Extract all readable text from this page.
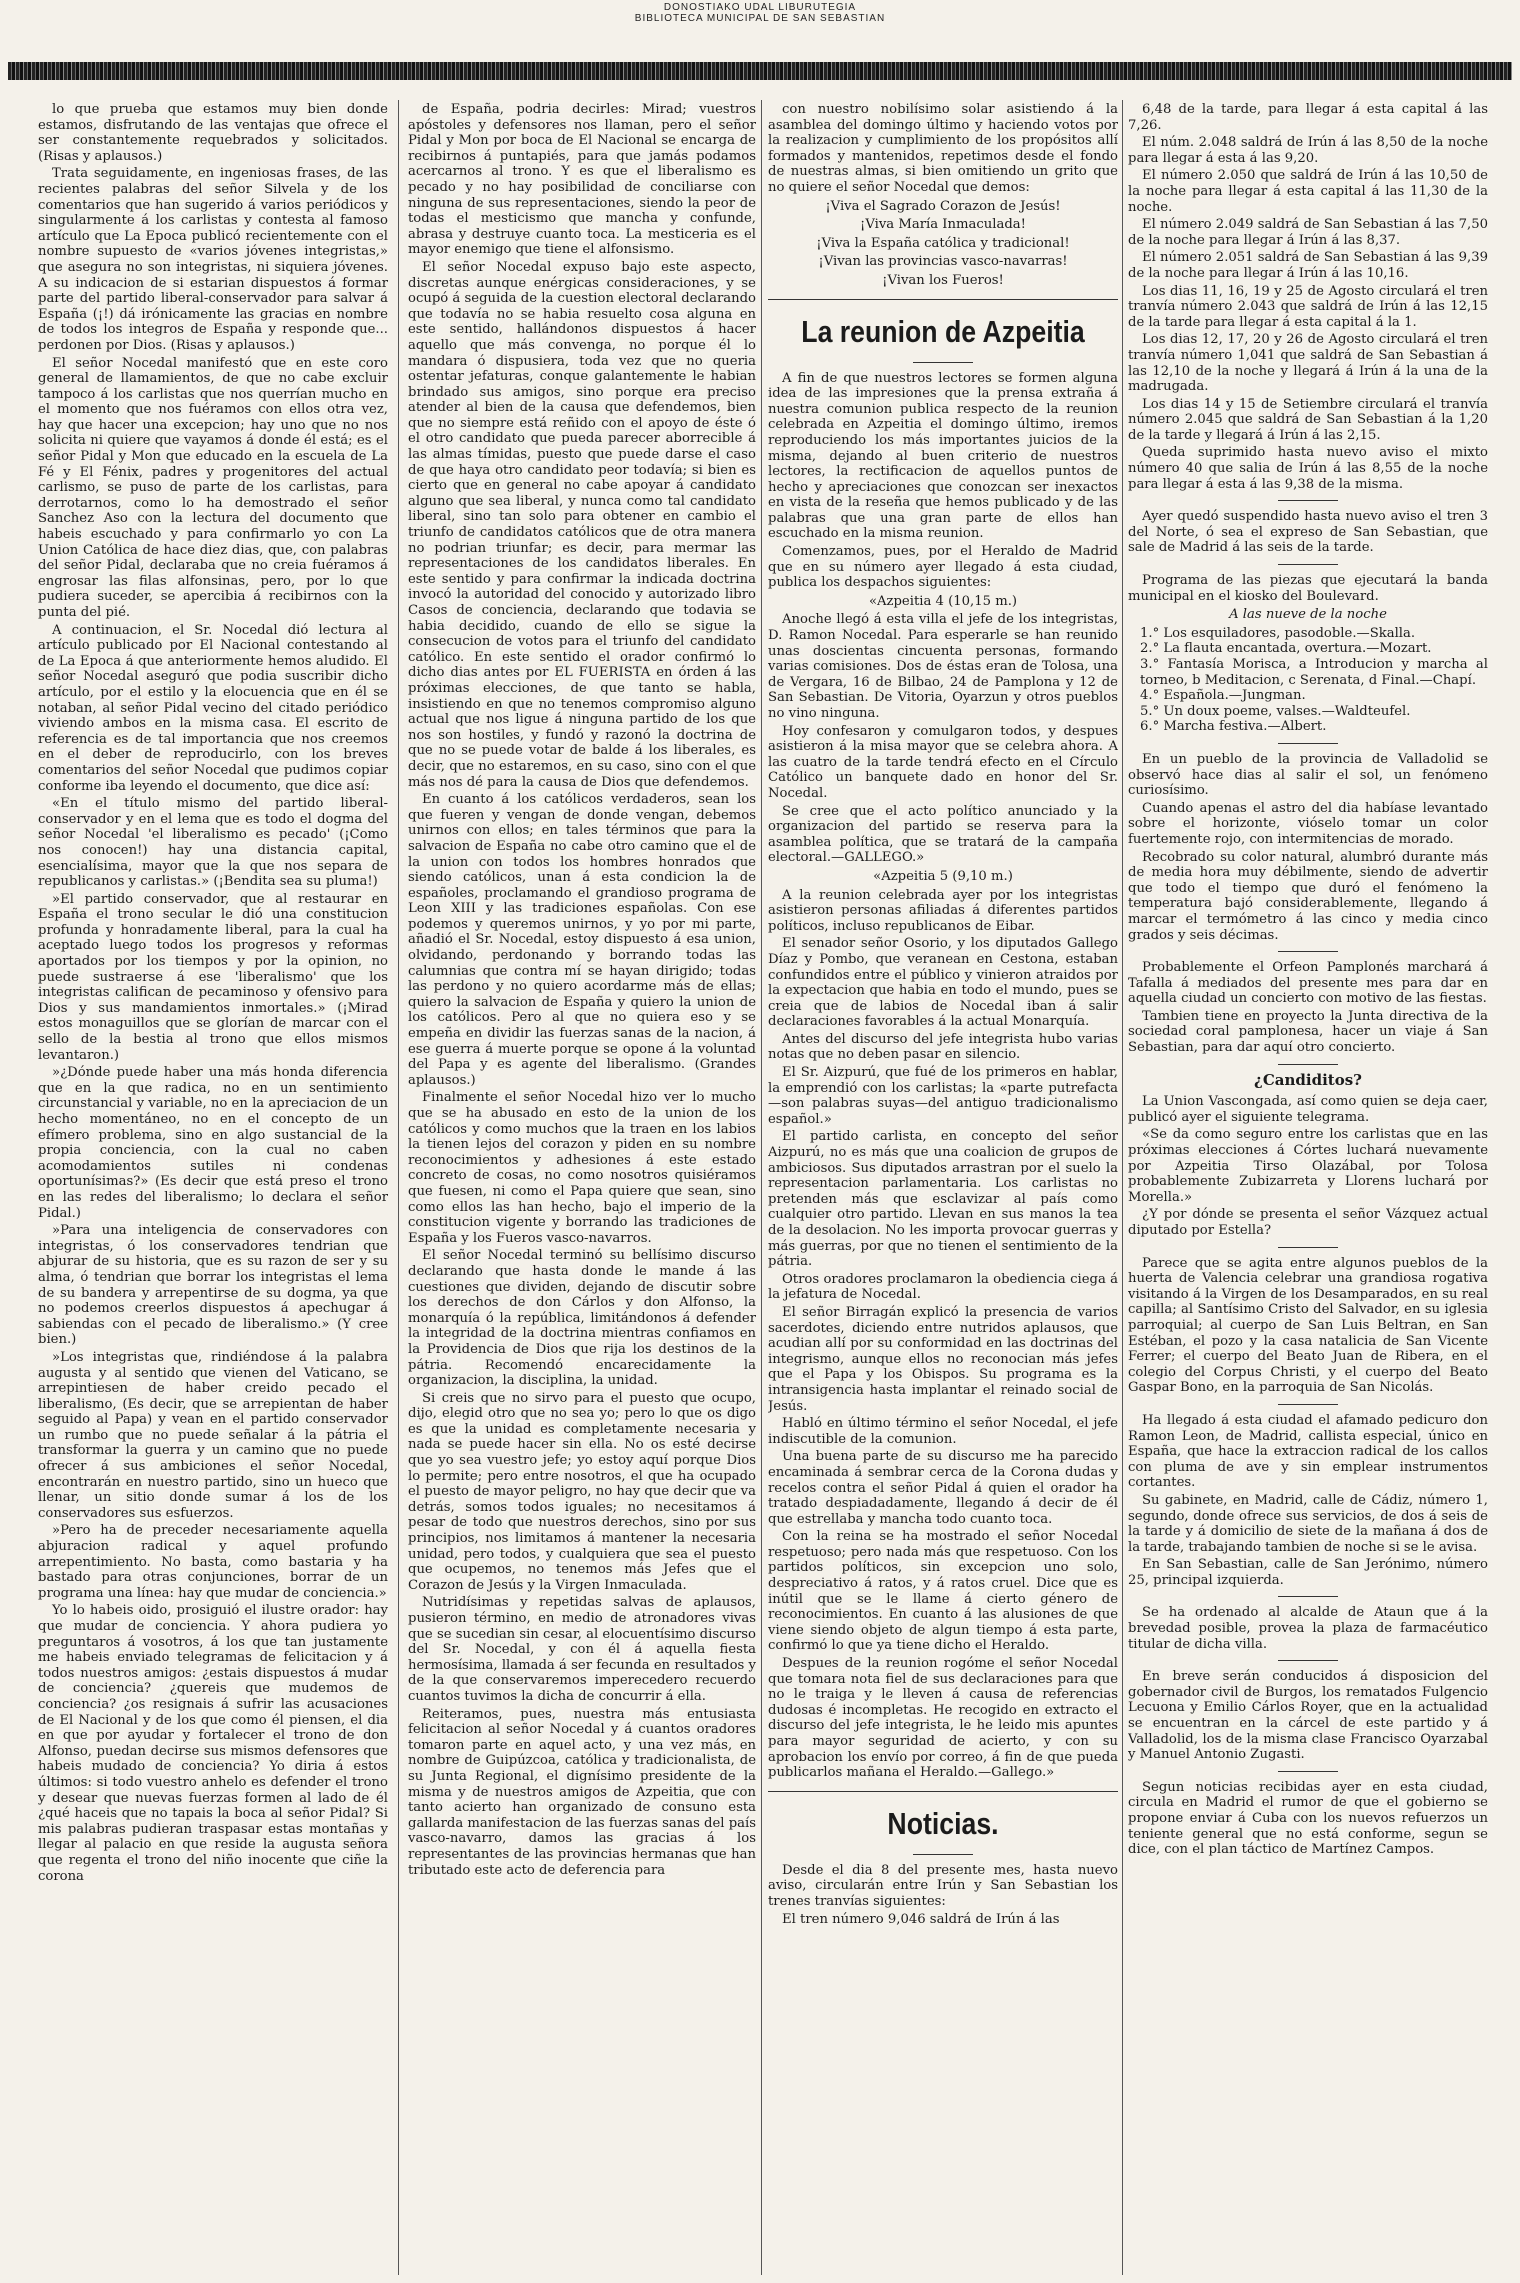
DONOSTIAKO UDAL LIBURUTEGIA
BIBLIOTECA MUNICIPAL DE SAN SEBASTIAN

lo que prueba que estamos muy bien donde estamos, disfrutando de las ventajas que ofrece el ser constantemente requebrados y solicitados. (Risas y aplausos.)

Trata seguidamente, en ingeniosas frases, de las recientes palabras del señor Silvela y de los comentarios que han sugerido á varios periódicos y singularmente á los carlistas y contesta al famoso artículo que La Epoca publicó recientemente con el nombre supuesto de «varios jóvenes integristas,» que asegura no son integristas, ni siquiera jóvenes. A su indicacion de si estarian dispuestos á formar parte del partido liberal-conservador para salvar á España (¡!) dá irónicamente las gracias en nombre de todos los integros de España y responde que... perdonen por Dios. (Risas y aplausos.)

El señor Nocedal manifestó que en este coro general de llamamientos, de que no cabe excluir tampoco á los carlistas que nos querrían mucho en el momento que nos fuéramos con ellos otra vez, hay que hacer una excepcion; hay uno que no nos solicita ni quiere que vayamos á donde él está; es el señor Pidal y Mon que educado en la escuela de La Fé y El Fénix, padres y progenitores del actual carlismo, se puso de parte de los carlistas, para derrotarnos, como lo ha demostrado el señor Sanchez Aso con la lectura del documento que habeis escuchado y para confirmarlo yo con La Union Católica de hace diez dias, que, con palabras del señor Pidal, declaraba que no creia fuéramos á engrosar las filas alfonsinas, pero, por lo que pudiera suceder, se apercibia á recibirnos con la punta del pié.

A continuacion, el Sr. Nocedal dió lectura al artículo publicado por El Nacional contestando al de La Epoca á que anteriormente hemos aludido. El señor Nocedal aseguró que podia suscribir dicho artículo, por el estilo y la elocuencia que en él se notaban, al señor Pidal vecino del citado periódico viviendo ambos en la misma casa. El escrito de referencia es de tal importancia que nos creemos en el deber de reproducirlo, con los breves comentarios del señor Nocedal que pudimos copiar conforme iba leyendo el documento, que dice así:

«En el título mismo del partido liberal-conservador y en el lema que es todo el dogma del señor Nocedal 'el liberalismo es pecado' (¡Como nos conocen!) hay una distancia capital, esencialísima, mayor que la que nos separa de republicanos y carlistas.» (¡Bendita sea su pluma!)

»El partido conservador, que al restaurar en España el trono secular le dió una constitucion profunda y honradamente liberal, para la cual ha aceptado luego todos los progresos y reformas aportados por los tiempos y por la opinion, no puede sustraerse á ese 'liberalismo' que los integristas califican de pecaminoso y ofensivo para Dios y sus mandamientos inmortales.» (¡Mirad estos monaguillos que se glorían de marcar con el sello de la bestia al trono que ellos mismos levantaron.)

»¿Dónde puede haber una más honda diferencia que en la que radica, no en un sentimiento circunstancial y variable, no en la apreciacion de un hecho momentáneo, no en el concepto de un efímero problema, sino en algo sustancial de la propia conciencia, con la cual no caben acomodamientos sutiles ni condenas oportunísimas?» (Es decir que está preso el trono en las redes del liberalismo; lo declara el señor Pidal.)

»Para una inteligencia de conservadores con integristas, ó los conservadores tendrian que abjurar de su historia, que es su razon de ser y su alma, ó tendrian que borrar los integristas el lema de su bandera y arrepentirse de su dogma, ya que no podemos creerlos dispuestos á apechugar á sabiendas con el pecado de liberalismo.» (Y cree bien.)

»Los integristas que, rindiéndose á la palabra augusta y al sentido que vienen del Vaticano, se arrepintiesen de haber creido pecado el liberalismo, (Es decir, que se arrepientan de haber seguido al Papa) y vean en el partido conservador un rumbo que no puede señalar á la pátria el transformar la guerra y un camino que no puede ofrecer á sus ambiciones el señor Nocedal, encontrarán en nuestro partido, sino un hueco que llenar, un sitio donde sumar á los de los conservadores sus esfuerzos.

»Pero ha de preceder necesariamente aquella abjuracion radical y aquel profundo arrepentimiento. No basta, como bastaria y ha bastado para otras conjunciones, borrar de un programa una línea: hay que mudar de conciencia.»

Yo lo habeis oido, prosiguió el ilustre orador: hay que mudar de conciencia. Y ahora pudiera yo preguntaros á vosotros, á los que tan justamente me habeis enviado telegramas de felicitacion y á todos nuestros amigos: ¿estais dispuestos á mudar de conciencia? ¿quereis que mudemos de conciencia? ¿os resignais á sufrir las acusaciones de El Nacional y de los que como él piensen, el dia en que por ayudar y fortalecer el trono de don Alfonso, puedan decirse sus mismos defensores que habeis mudado de conciencia? Yo diria á estos últimos: si todo vuestro anhelo es defender el trono y desear que nuevas fuerzas formen al lado de él ¿qué haceis que no tapais la boca al señor Pidal? Si mis palabras pudieran traspasar estas montañas y llegar al palacio en que reside la augusta señora que regenta el trono del niño inocente que ciñe la corona

de España, podria decirles: Mirad; vuestros apóstoles y defensores nos llaman, pero el señor Pidal y Mon por boca de El Nacional se encarga de recibirnos á puntapiés, para que jamás podamos acercarnos al trono. Y es que el liberalismo es pecado y no hay posibilidad de conciliarse con ninguna de sus representaciones, siendo la peor de todas el mesticismo que mancha y confunde, abrasa y destruye cuanto toca. La mesticeria es el mayor enemigo que tiene el alfonsismo.

El señor Nocedal expuso bajo este aspecto, discretas aunque enérgicas consideraciones, y se ocupó á seguida de la cuestion electoral declarando que todavía no se habia resuelto cosa alguna en este sentido, hallándonos dispuestos á hacer aquello que más convenga, no porque él lo mandara ó dispusiera, toda vez que no queria ostentar jefaturas, conque galantemente le habian brindado sus amigos, sino porque era preciso atender al bien de la causa que defendemos, bien que no siempre está reñido con el apoyo de éste ó el otro candidato que pueda parecer aborrecible á las almas tímidas, puesto que puede darse el caso de que haya otro candidato peor todavía; si bien es cierto que en general no cabe apoyar á candidato alguno que sea liberal, y nunca como tal candidato liberal, sino tan solo para obtener en cambio el triunfo de candidatos católicos que de otra manera no podrian triunfar; es decir, para mermar las representaciones de los candidatos liberales. En este sentido y para confirmar la indicada doctrina invocó la autoridad del conocido y autorizado libro Casos de conciencia, declarando que todavia se habia decidido, cuando de ello se sigue la consecucion de votos para el triunfo del candidato católico. En este sentido el orador confirmó lo dicho dias antes por EL FUERISTA en órden á las próximas elecciones, de que tanto se habla, insistiendo en que no tenemos compromiso alguno actual que nos ligue á ninguna partido de los que nos son hostiles, y fundó y razonó la doctrina de que no se puede votar de balde á los liberales, es decir, que no estaremos, en su caso, sino con el que más nos dé para la causa de Dios que defendemos.

En cuanto á los católicos verdaderos, sean los que fueren y vengan de donde vengan, debemos unirnos con ellos; en tales términos que para la salvacion de España no cabe otro camino que el de la union con todos los hombres honrados que siendo católicos, unan á esta condicion la de españoles, proclamando el grandioso programa de Leon XIII y las tradiciones españolas. Con ese podemos y queremos unirnos, y yo por mi parte, añadió el Sr. Nocedal, estoy dispuesto á esa union, olvidando, perdonando y borrando todas las calumnias que contra mí se hayan dirigido; todas las perdono y no quiero acordarme más de ellas; quiero la salvacion de España y quiero la union de los católicos. Pero al que no quiera eso y se empeña en dividir las fuerzas sanas de la nacion, á ese guerra á muerte porque se opone á la voluntad del Papa y es agente del liberalismo. (Grandes aplausos.)

Finalmente el señor Nocedal hizo ver lo mucho que se ha abusado en esto de la union de los católicos y como muchos que la traen en los labios la tienen lejos del corazon y piden en su nombre reconocimientos y adhesiones á este estado concreto de cosas, no como nosotros quisiéramos que fuesen, ni como el Papa quiere que sean, sino como ellos las han hecho, bajo el imperio de la constitucion vigente y borrando las tradiciones de España y los Fueros vasco-navarros.

El señor Nocedal terminó su bellísimo discurso declarando que hasta donde le mande á las cuestiones que dividen, dejando de discutir sobre los derechos de don Cárlos y don Alfonso, la monarquía ó la república, limitándonos á defender la integridad de la doctrina mientras confiamos en la Providencia de Dios que rija los destinos de la pátria. Recomendó encarecidamente la organizacion, la disciplina, la unidad.

Si creis que no sirvo para el puesto que ocupo, dijo, elegid otro que no sea yo; pero lo que os digo es que la unidad es completamente necesaria y nada se puede hacer sin ella. No os esté decirse que yo sea vuestro jefe; yo estoy aquí porque Dios lo permite; pero entre nosotros, el que ha ocupado el puesto de mayor peligro, no hay que decir que va detrás, somos todos iguales; no necesitamos á pesar de todo que nuestros derechos, sino por sus principios, nos limitamos á mantener la necesaria unidad, pero todos, y cualquiera que sea el puesto que ocupemos, no tenemos más Jefes que el Corazon de Jesús y la Virgen Inmaculada.

Nutridísimas y repetidas salvas de aplausos, pusieron término, en medio de atronadores vivas que se sucedian sin cesar, al elocuentísimo discurso del Sr. Nocedal, y con él á aquella fiesta hermosísima, llamada á ser fecunda en resultados y de la que conservaremos imperecedero recuerdo cuantos tuvimos la dicha de concurrir á ella.

Reiteramos, pues, nuestra más entusiasta felicitacion al señor Nocedal y á cuantos oradores tomaron parte en aquel acto, y una vez más, en nombre de Guipúzcoa, católica y tradicionalista, de su Junta Regional, el dignísimo presidente de la misma y de nuestros amigos de Azpeitia, que con tanto acierto han organizado de consuno esta gallarda manifestacion de las fuerzas sanas del país vasco-navarro, damos las gracias á los representantes de las provincias hermanas que han tributado este acto de deferencia para

con nuestro nobilísimo solar asistiendo á la asamblea del domingo último y haciendo votos por la realizacion y cumplimiento de los propósitos allí formados y mantenidos, repetimos desde el fondo de nuestras almas, si bien omitiendo un grito que no quiere el señor Nocedal que demos:

¡Viva el Sagrado Corazon de Jesús!

¡Viva María Inmaculada!

¡Viva la España católica y tradicional!

¡Vivan las provincias vasco-navarras!

¡Vivan los Fueros!

La reunion de Azpeitia

A fin de que nuestros lectores se formen alguna idea de las impresiones que la prensa extraña á nuestra comunion publica respecto de la reunion celebrada en Azpeitia el domingo último, iremos reproduciendo los más importantes juicios de la misma, dejando al buen criterio de nuestros lectores, la rectificacion de aquellos puntos de hecho y apreciaciones que conozcan ser inexactos en vista de la reseña que hemos publicado y de las palabras que una gran parte de ellos han escuchado en la misma reunion.

Comenzamos, pues, por el Heraldo de Madrid que en su número ayer llegado á esta ciudad, publica los despachos siguientes:

«Azpeitia 4 (10,15 m.)

Anoche llegó á esta villa el jefe de los integristas, D. Ramon Nocedal. Para esperarle se han reunido unas doscientas cincuenta personas, formando varias comisiones. Dos de éstas eran de Tolosa, una de Vergara, 16 de Bilbao, 24 de Pamplona y 12 de San Sebastian. De Vitoria, Oyarzun y otros pueblos no vino ninguna.

Hoy confesaron y comulgaron todos, y despues asistieron á la misa mayor que se celebra ahora. A las cuatro de la tarde tendrá efecto en el Círculo Católico un banquete dado en honor del Sr. Nocedal.

Se cree que el acto político anunciado y la organizacion del partido se reserva para la asamblea política, que se tratará de la campaña electoral.—GALLEGO.»

«Azpeitia 5 (9,10 m.)

A la reunion celebrada ayer por los integristas asistieron personas afiliadas á diferentes partidos políticos, incluso republicanos de Eibar.

El senador señor Osorio, y los diputados Gallego Díaz y Pombo, que veranean en Cestona, estaban confundidos entre el público y vinieron atraidos por la expectacion que habia en todo el mundo, pues se creia que de labios de Nocedal iban á salir declaraciones favorables á la actual Monarquía.

Antes del discurso del jefe integrista hubo varias notas que no deben pasar en silencio.

El Sr. Aizpurú, que fué de los primeros en hablar, la emprendió con los carlistas; la «parte putrefacta—son palabras suyas—del antiguo tradicionalismo español.»

El partido carlista, en concepto del señor Aizpurú, no es más que una coalicion de grupos de ambiciosos. Sus diputados arrastran por el suelo la representacion parlamentaria. Los carlistas no pretenden más que esclavizar al país como cualquier otro partido. Llevan en sus manos la tea de la desolacion. No les importa provocar guerras y más guerras, por que no tienen el sentimiento de la pátria.

Otros oradores proclamaron la obediencia ciega á la jefatura de Nocedal.

El señor Birragán explicó la presencia de varios sacerdotes, diciendo entre nutridos aplausos, que acudian allí por su conformidad en las doctrinas del integrismo, aunque ellos no reconocian más jefes que el Papa y los Obispos. Su programa es la intransigencia hasta implantar el reinado social de Jesús.

Habló en último término el señor Nocedal, el jefe indiscutible de la comunion.

Una buena parte de su discurso me ha parecido encaminada á sembrar cerca de la Corona dudas y recelos contra el señor Pidal á quien el orador ha tratado despiadadamente, llegando á decir de él que estrellaba y mancha todo cuanto toca.

Con la reina se ha mostrado el señor Nocedal respetuoso; pero nada más que respetuoso. Con los partidos políticos, sin excepcion uno solo, despreciativo á ratos, y á ratos cruel. Dice que es inútil que se le llame á cierto género de reconocimientos. En cuanto á las alusiones de que viene siendo objeto de algun tiempo á esta parte, confirmó lo que ya tiene dicho el Heraldo.

Despues de la reunion rogóme el señor Nocedal que tomara nota fiel de sus declaraciones para que no le traiga y le lleven á causa de referencias dudosas é incompletas. He recogido en extracto el discurso del jefe integrista, le he leido mis apuntes para mayor seguridad de acierto, y con su aprobacion los envío por correo, á fin de que pueda publicarlos mañana el Heraldo.—Gallego.»

Noticias.

Desde el dia 8 del presente mes, hasta nuevo aviso, circularán entre Irún y San Sebastian los trenes tranvías siguientes:

El tren número 9,046 saldrá de Irún á las

6,48 de la tarde, para llegar á esta capital á las 7,26.

El núm. 2.048 saldrá de Irún á las 8,50 de la noche para llegar á esta á las 9,20.

El número 2.050 que saldrá de Irún á las 10,50 de la noche para llegar á esta capital á las 11,30 de la noche.

El número 2.049 saldrá de San Sebastian á las 7,50 de la noche para llegar á Irún á las 8,37.

El número 2.051 saldrá de San Sebastian á las 9,39 de la noche para llegar á Irún á las 10,16.

Los dias 11, 16, 19 y 25 de Agosto circulará el tren tranvía número 2.043 que saldrá de Irún á las 12,15 de la tarde para llegar á esta capital á la 1.

Los dias 12, 17, 20 y 26 de Agosto circulará el tren tranvía número 1,041 que saldrá de San Sebastian á las 12,10 de la noche y llegará á Irún á la una de la madrugada.

Los dias 14 y 15 de Setiembre circulará el tranvía número 2.045 que saldrá de San Sebastian á la 1,20 de la tarde y llegará á Irún á las 2,15.

Queda suprimido hasta nuevo aviso el mixto número 40 que salia de Irún á las 8,55 de la noche para llegar á esta á las 9,38 de la misma.

Ayer quedó suspendido hasta nuevo aviso el tren 3 del Norte, ó sea el expreso de San Sebastian, que sale de Madrid á las seis de la tarde.

Programa de las piezas que ejecutará la banda municipal en el kiosko del Boulevard.

A las nueve de la noche

1.° Los esquiladores, pasodoble.—Skalla.
2.° La flauta encantada, overtura.—Mozart.
3.° Fantasía Morisca, a Introducion y marcha al torneo, b Meditacion, c Serenata, d Final.—Chapí.
4.° Española.—Jungman.
5.° Un doux poeme, valses.—Waldteufel.
6.° Marcha festiva.—Albert.

En un pueblo de la provincia de Valladolid se observó hace dias al salir el sol, un fenómeno curiosísimo.

Cuando apenas el astro del dia habíase levantado sobre el horizonte, vióselo tomar un color fuertemente rojo, con intermitencias de morado.

Recobrado su color natural, alumbró durante más de media hora muy débilmente, siendo de advertir que todo el tiempo que duró el fenómeno la temperatura bajó considerablemente, llegando á marcar el termómetro á las cinco y media cinco grados y seis décimas.

Probablemente el Orfeon Pamplonés marchará á Tafalla á mediados del presente mes para dar en aquella ciudad un concierto con motivo de las fiestas.

Tambien tiene en proyecto la Junta directiva de la sociedad coral pamplonesa, hacer un viaje á San Sebastian, para dar aquí otro concierto.

¿Candiditos?

La Union Vascongada, así como quien se deja caer, publicó ayer el siguiente telegrama.

«Se da como seguro entre los carlistas que en las próximas elecciones á Córtes luchará nuevamente por Azpeitia Tirso Olazábal, por Tolosa probablemente Zubizarreta y Llorens luchará por Morella.»

¿Y por dónde se presenta el señor Vázquez actual diputado por Estella?

Parece que se agita entre algunos pueblos de la huerta de Valencia celebrar una grandiosa rogativa visitando á la Virgen de los Desamparados, en su real capilla; al Santísimo Cristo del Salvador, en su iglesia parroquial; al cuerpo de San Luis Beltran, en San Estéban, el pozo y la casa natalicia de San Vicente Ferrer; el cuerpo del Beato Juan de Ribera, en el colegio del Corpus Christi, y el cuerpo del Beato Gaspar Bono, en la parroquia de San Nicolás.

Ha llegado á esta ciudad el afamado pedicuro don Ramon Leon, de Madrid, callista especial, único en España, que hace la extraccion radical de los callos con pluma de ave y sin emplear instrumentos cortantes.

Su gabinete, en Madrid, calle de Cádiz, número 1, segundo, donde ofrece sus servicios, de dos á seis de la tarde y á domicilio de siete de la mañana á dos de la tarde, trabajando tambien de noche si se le avisa.

En San Sebastian, calle de San Jerónimo, número 25, principal izquierda.

Se ha ordenado al alcalde de Ataun que á la brevedad posible, provea la plaza de farmacéutico titular de dicha villa.

En breve serán conducidos á disposicion del gobernador civil de Burgos, los rematados Fulgencio Lecuona y Emilio Cárlos Royer, que en la actualidad se encuentran en la cárcel de este partido y á Valladolid, los de la misma clase Francisco Oyarzabal y Manuel Antonio Zugasti.

Segun noticias recibidas ayer en esta ciudad, circula en Madrid el rumor de que el gobierno se propone enviar á Cuba con los nuevos refuerzos un teniente general que no está conforme, segun se dice, con el plan táctico de Martínez Campos.
